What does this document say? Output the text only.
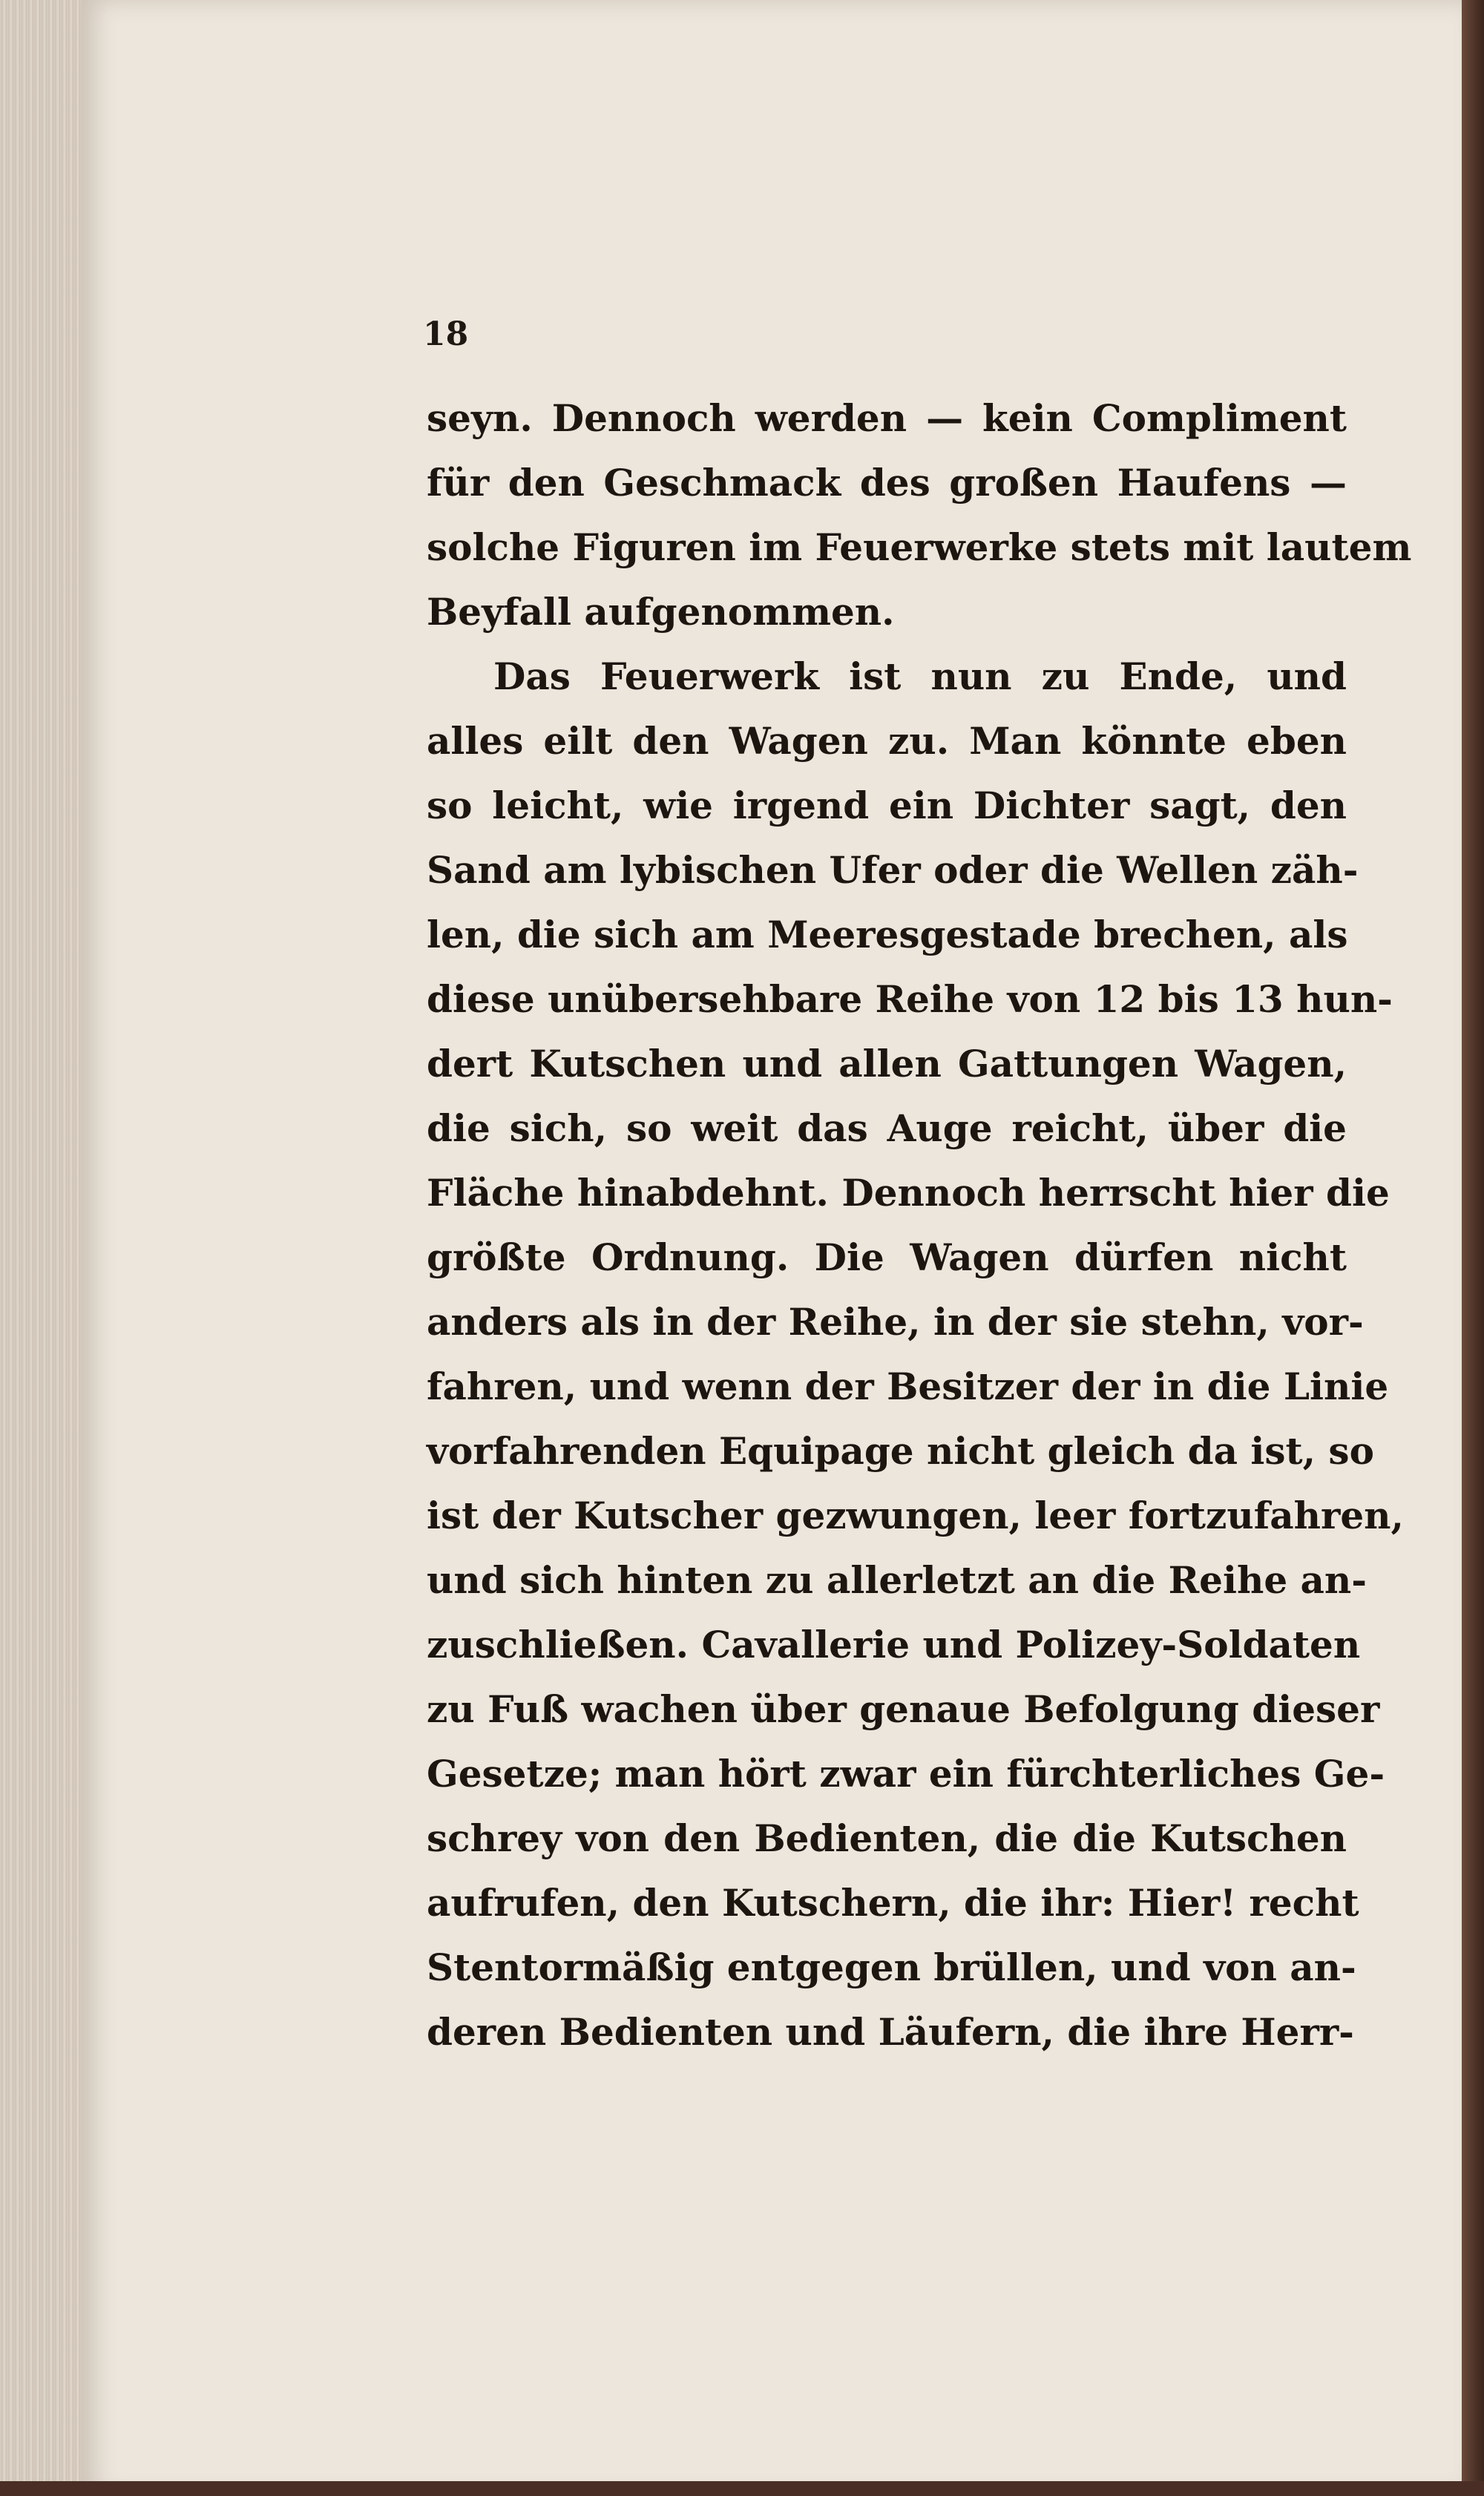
18
seyn. Dennoch werden — kein Compliment
für den Geschmack des großen Haufens —
solche Figuren im Feuerwerke stets mit lautem
Beyfall aufgenommen.
Das Feuerwerk ist nun zu Ende, und
alles eilt den Wagen zu. Man könnte eben
so leicht, wie irgend ein Dichter sagt, den
Sand am lybischen Ufer oder die Wellen zäh-
len, die sich am Meeresgestade brechen, als
diese unübersehbare Reihe von 12 bis 13 hun-
dert Kutschen und allen Gattungen Wagen,
die sich, so weit das Auge reicht, über die
Fläche hinabdehnt. Dennoch herrscht hier die
größte Ordnung. Die Wagen dürfen nicht
anders als in der Reihe, in der sie stehn, vor-
fahren, und wenn der Besitzer der in die Linie
vorfahrenden Equipage nicht gleich da ist, so
ist der Kutscher gezwungen, leer fortzufahren,
und sich hinten zu allerletzt an die Reihe an-
zuschließen. Cavallerie und Polizey-Soldaten
zu Fuß wachen über genaue Befolgung dieser
Gesetze; man hört zwar ein fürchterliches Ge-
schrey von den Bedienten, die die Kutschen
aufrufen, den Kutschern, die ihr: Hier! recht
Stentormäßig entgegen brüllen, und von an-
deren Bedienten und Läufern, die ihre Herr-
